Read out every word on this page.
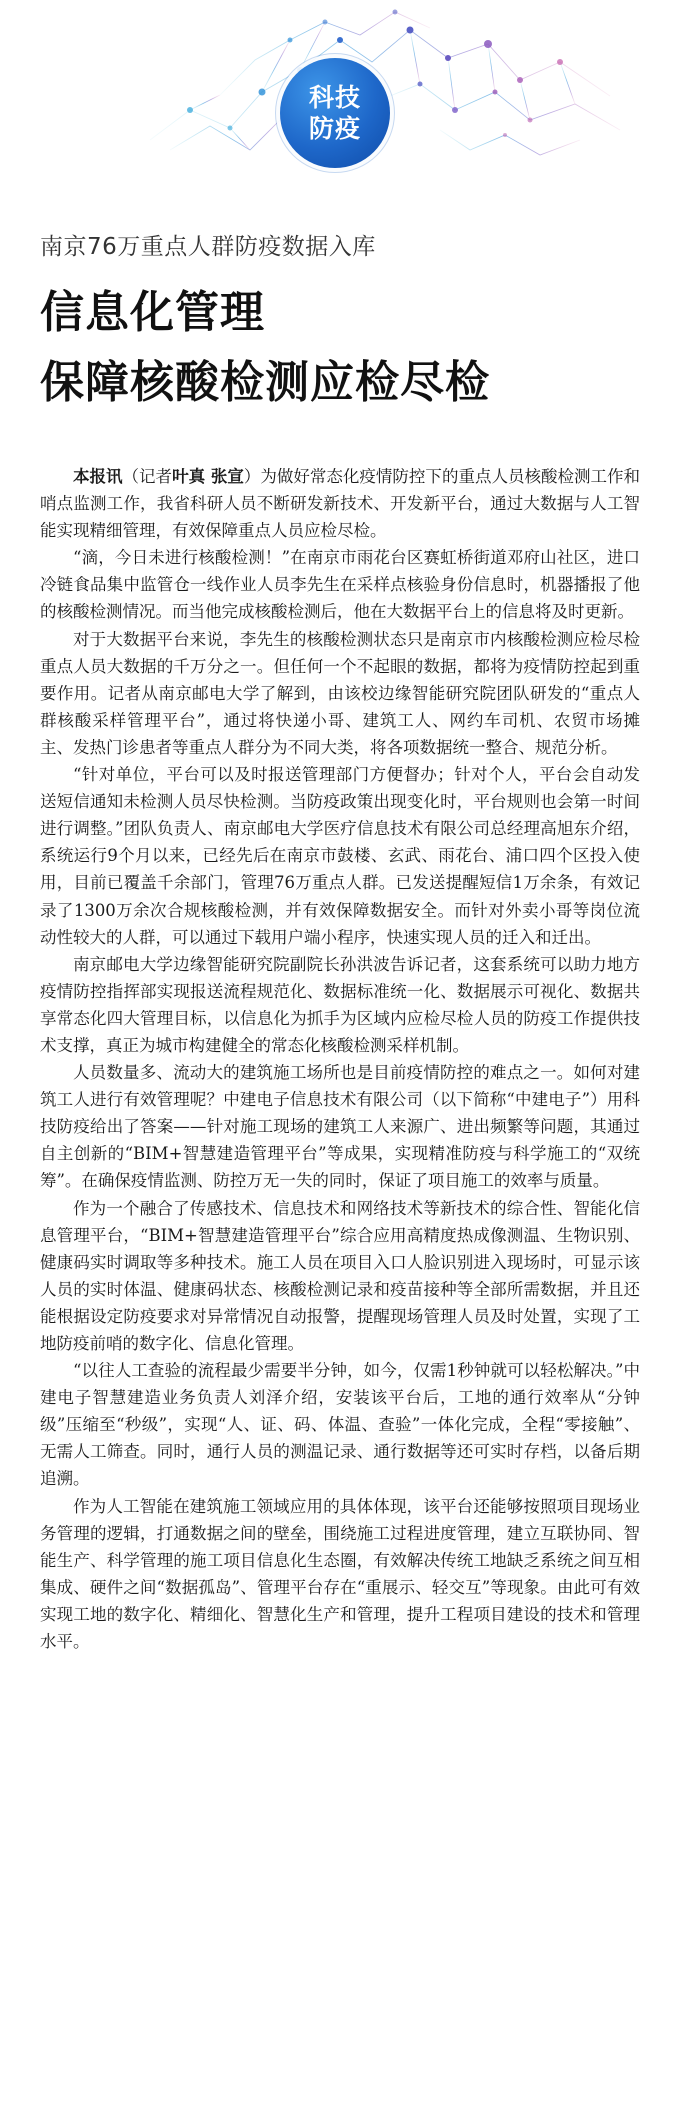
科技
防疫
南京76万重点人群防疫数据入库
信息化管理
保障核酸检测应检尽检

本报讯（记者叶真 张宣）为做好常态化疫情防控下的重点人员核酸检测工作和哨点监测工作，我省科研人员不断研发新技术、开发新平台，通过大数据与人工智能实现精细管理，有效保障重点人员应检尽检。

“滴，今日未进行核酸检测！”在南京市雨花台区赛虹桥街道邓府山社区，进口冷链食品集中监管仓一线作业人员李先生在采样点核验身份信息时，机器播报了他的核酸检测情况。而当他完成核酸检测后，他在大数据平台上的信息将及时更新。

对于大数据平台来说，李先生的核酸检测状态只是南京市内核酸检测应检尽检重点人员大数据的千万分之一。但任何一个不起眼的数据，都将为疫情防控起到重要作用。记者从南京邮电大学了解到，由该校边缘智能研究院团队研发的“重点人群核酸采样管理平台”，通过将快递小哥、建筑工人、网约车司机、农贸市场摊主、发热门诊患者等重点人群分为不同大类，将各项数据统一整合、规范分析。

“针对单位，平台可以及时报送管理部门方便督办；针对个人，平台会自动发送短信通知未检测人员尽快检测。当防疫政策出现变化时，平台规则也会第一时间进行调整。”团队负责人、南京邮电大学医疗信息技术有限公司总经理高旭东介绍，系统运行9个月以来，已经先后在南京市鼓楼、玄武、雨花台、浦口四个区投入使用，目前已覆盖千余部门，管理76万重点人群。已发送提醒短信1万余条，有效记录了1300万余次合规核酸检测，并有效保障数据安全。而针对外卖小哥等岗位流动性较大的人群，可以通过下载用户端小程序，快速实现人员的迁入和迁出。

南京邮电大学边缘智能研究院副院长孙洪波告诉记者，这套系统可以助力地方疫情防控指挥部实现报送流程规范化、数据标准统一化、数据展示可视化、数据共享常态化四大管理目标，以信息化为抓手为区域内应检尽检人员的防疫工作提供技术支撑，真正为城市构建健全的常态化核酸检测采样机制。

人员数量多、流动大的建筑施工场所也是目前疫情防控的难点之一。如何对建筑工人进行有效管理呢？中建电子信息技术有限公司（以下简称“中建电子”）用科技防疫给出了答案——针对施工现场的建筑工人来源广、进出频繁等问题，其通过自主创新的“BIM+智慧建造管理平台”等成果，实现精准防疫与科学施工的“双统筹”。在确保疫情监测、防控万无一失的同时，保证了项目施工的效率与质量。

作为一个融合了传感技术、信息技术和网络技术等新技术的综合性、智能化信息管理平台，“BIM+智慧建造管理平台”综合应用高精度热成像测温、生物识别、健康码实时调取等多种技术。施工人员在项目入口人脸识别进入现场时，可显示该人员的实时体温、健康码状态、核酸检测记录和疫苗接种等全部所需数据，并且还能根据设定防疫要求对异常情况自动报警，提醒现场管理人员及时处置，实现了工地防疫前哨的数字化、信息化管理。

“以往人工查验的流程最少需要半分钟，如今，仅需1秒钟就可以轻松解决。”中建电子智慧建造业务负责人刘泽介绍，安装该平台后，工地的通行效率从“分钟级”压缩至“秒级”，实现“人、证、码、体温、查验”一体化完成，全程“零接触”、无需人工筛查。同时，通行人员的测温记录、通行数据等还可实时存档，以备后期追溯。

作为人工智能在建筑施工领域应用的具体体现，该平台还能够按照项目现场业务管理的逻辑，打通数据之间的壁垒，围绕施工过程进度管理，建立互联协同、智能生产、科学管理的施工项目信息化生态圈，有效解决传统工地缺乏系统之间互相集成、硬件之间“数据孤岛”、管理平台存在“重展示、轻交互”等现象。由此可有效实现工地的数字化、精细化、智慧化生产和管理，提升工程项目建设的技术和管理水平。
